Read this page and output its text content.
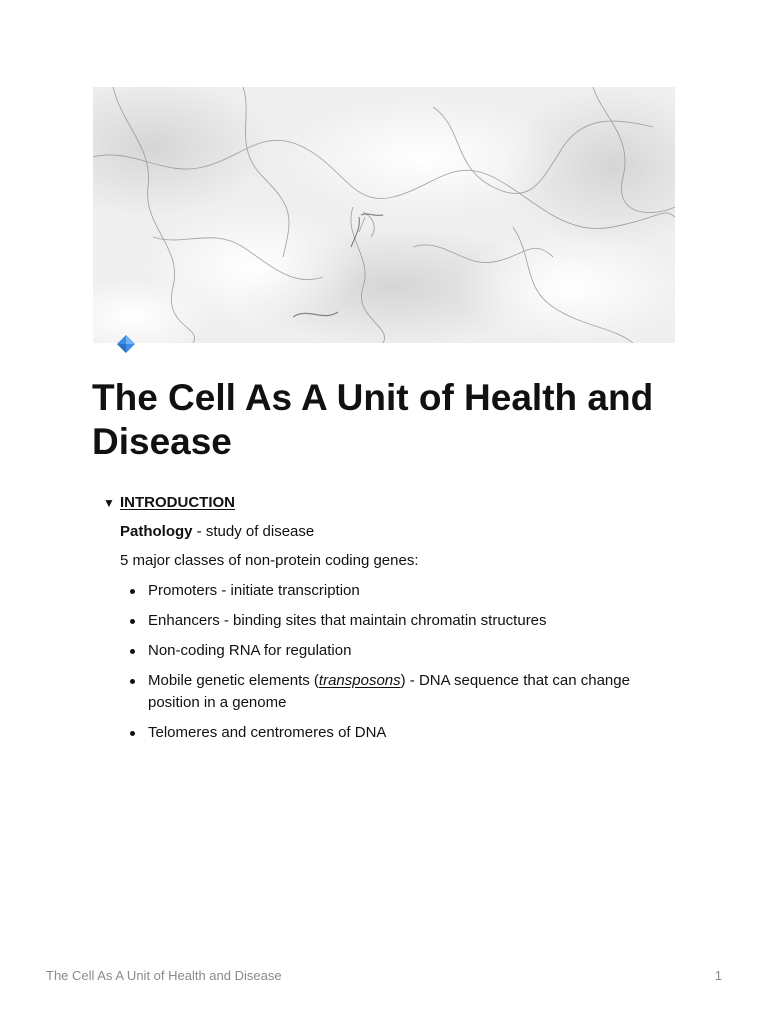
The Cell As A Unit of Health and Disease
▼ INTRODUCTION

Pathology - study of disease

5 major classes of non-protein coding genes:

Promoters - initiate transcription
Enhancers - binding sites that maintain chromatin structures
Non-coding RNA for regulation
Mobile genetic elements (transposons) - DNA sequence that can change position in a genome
Telomeres and centromeres of DNA
The Cell As A Unit of Health and Disease	1
